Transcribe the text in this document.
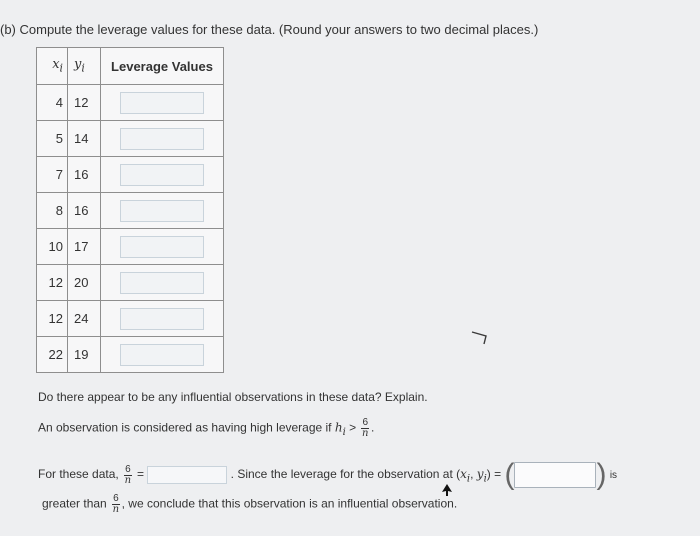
(b) Compute the leverage values for these data. (Round your answers to two decimal places.)
$x_i$	$y_i$	Leverage Values
4	12	
5	14	
7	16	
8	16	
10	17	
12	20	
12	24	
22	19	
Do there appear to be any influential observations in these data? Explain.
An observation is considered as having high leverage if $h_i > \frac{6}{n}$ .
For these data, $\frac{6}{n}$ =	. Since the leverage for the observation at ($x_i$, $y_i$) = (	) is
greater than $\frac{6}{n}$ , we conclude that this observation is an influential observation.
